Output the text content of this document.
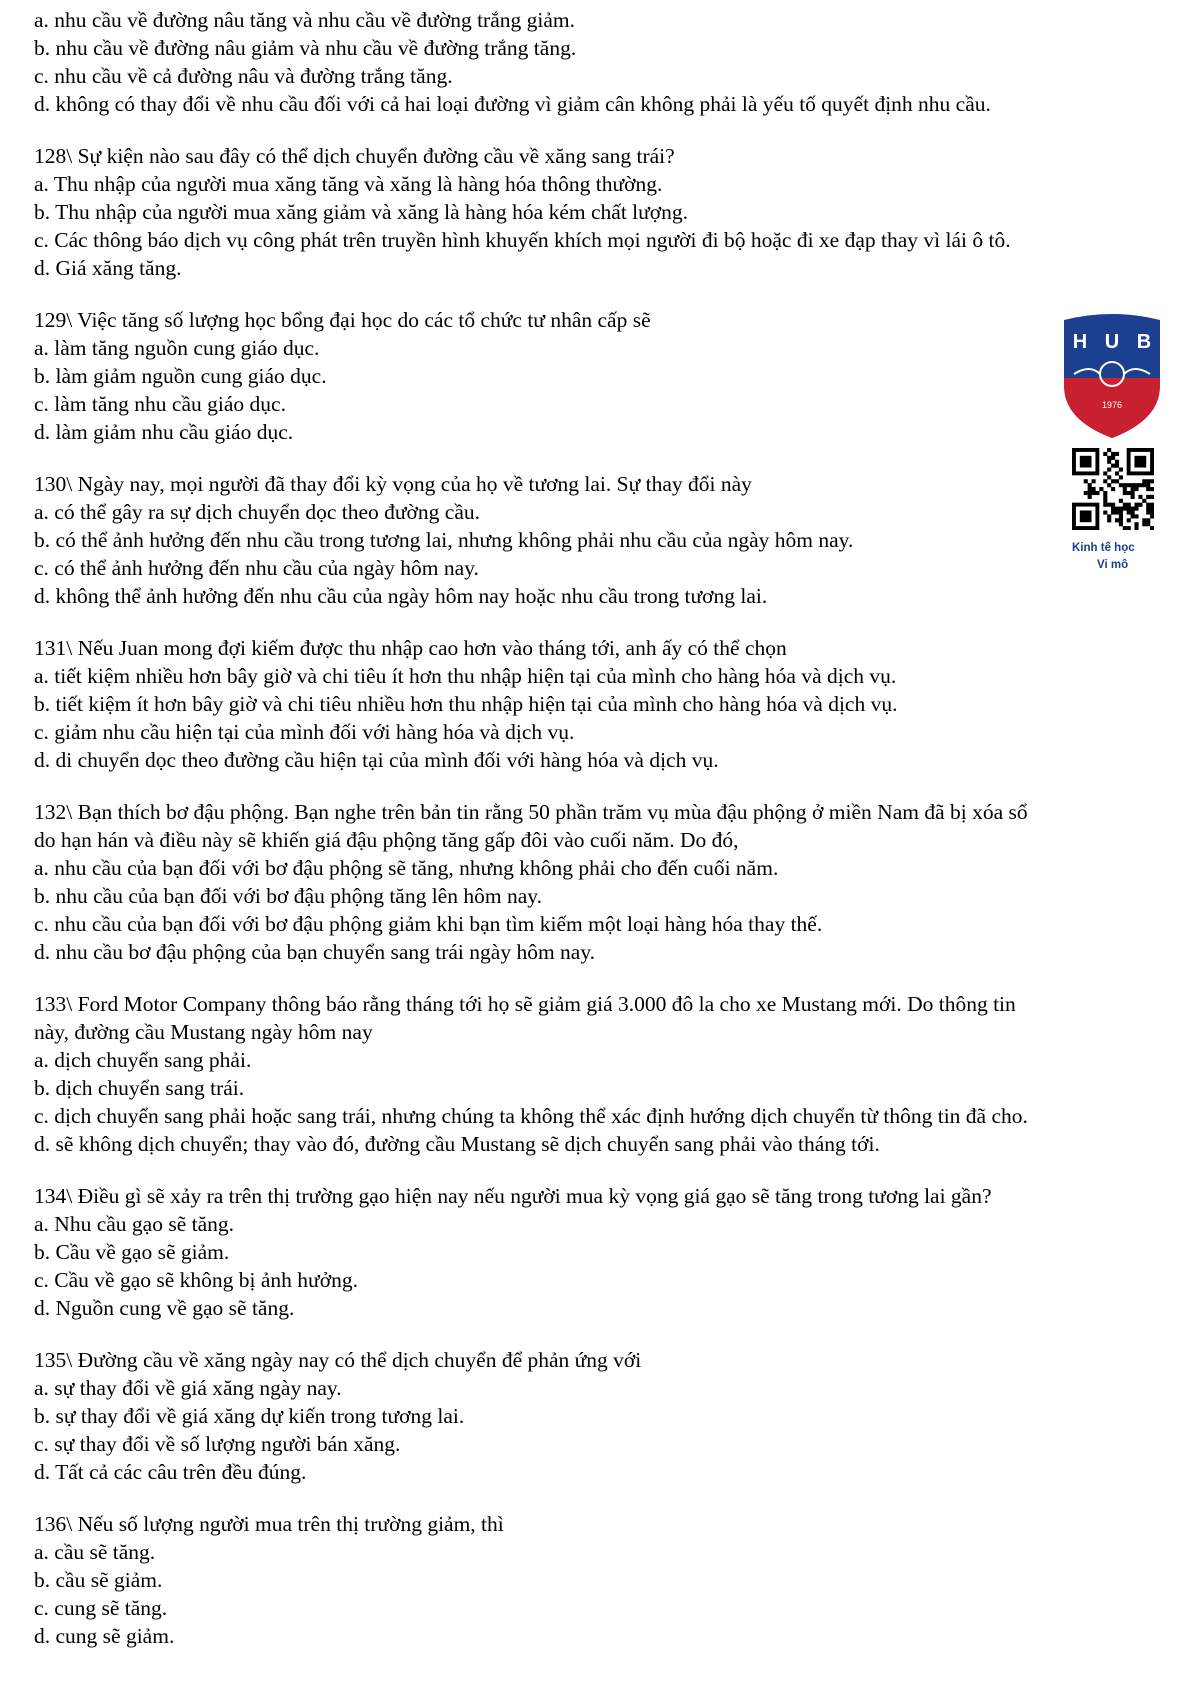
a. nhu cầu về đường nâu tăng và nhu cầu về đường trắng giảm.
b. nhu cầu về đường nâu giảm và nhu cầu về đường trắng tăng.
c. nhu cầu về cả đường nâu và đường trắng tăng.
d. không có thay đổi về nhu cầu đối với cả hai loại đường vì giảm cân không phải là yếu tố quyết định nhu cầu.
128\ Sự kiện nào sau đây có thể dịch chuyển đường cầu về xăng sang trái?
a. Thu nhập của người mua xăng tăng và xăng là hàng hóa thông thường.
b. Thu nhập của người mua xăng giảm và xăng là hàng hóa kém chất lượng.
c. Các thông báo dịch vụ công phát trên truyền hình khuyến khích mọi người đi bộ hoặc đi xe đạp thay vì lái ô tô.
d. Giá xăng tăng.
129\ Việc tăng số lượng học bổng đại học do các tổ chức tư nhân cấp sẽ
a. làm tăng nguồn cung giáo dục.
b. làm giảm nguồn cung giáo dục.
c. làm tăng nhu cầu giáo dục.
d. làm giảm nhu cầu giáo dục.
130\ Ngày nay, mọi người đã thay đổi kỳ vọng của họ về tương lai. Sự thay đổi này
a. có thể gây ra sự dịch chuyển dọc theo đường cầu.
b. có thể ảnh hưởng đến nhu cầu trong tương lai, nhưng không phải nhu cầu của ngày hôm nay.
c. có thể ảnh hưởng đến nhu cầu của ngày hôm nay.
d. không thể ảnh hưởng đến nhu cầu của ngày hôm nay hoặc nhu cầu trong tương lai.
131\ Nếu Juan mong đợi kiếm được thu nhập cao hơn vào tháng tới, anh ấy có thể chọn
a. tiết kiệm nhiều hơn bây giờ và chi tiêu ít hơn thu nhập hiện tại của mình cho hàng hóa và dịch vụ.
b. tiết kiệm ít hơn bây giờ và chi tiêu nhiều hơn thu nhập hiện tại của mình cho hàng hóa và dịch vụ.
c. giảm nhu cầu hiện tại của mình đối với hàng hóa và dịch vụ.
d. di chuyển dọc theo đường cầu hiện tại của mình đối với hàng hóa và dịch vụ.
132\ Bạn thích bơ đậu phộng. Bạn nghe trên bản tin rằng 50 phần trăm vụ mùa đậu phộng ở miền Nam đã bị xóa sổ
do hạn hán và điều này sẽ khiến giá đậu phộng tăng gấp đôi vào cuối năm. Do đó,
a. nhu cầu của bạn đối với bơ đậu phộng sẽ tăng, nhưng không phải cho đến cuối năm.
b. nhu cầu của bạn đối với bơ đậu phộng tăng lên hôm nay.
c. nhu cầu của bạn đối với bơ đậu phộng giảm khi bạn tìm kiếm một loại hàng hóa thay thế.
d. nhu cầu bơ đậu phộng của bạn chuyển sang trái ngày hôm nay.
133\ Ford Motor Company thông báo rằng tháng tới họ sẽ giảm giá 3.000 đô la cho xe Mustang mới. Do thông tin
này, đường cầu Mustang ngày hôm nay
a. dịch chuyển sang phải.
b. dịch chuyển sang trái.
c. dịch chuyển sang phải hoặc sang trái, nhưng chúng ta không thể xác định hướng dịch chuyển từ thông tin đã cho.
d. sẽ không dịch chuyển; thay vào đó, đường cầu Mustang sẽ dịch chuyển sang phải vào tháng tới.
134\ Điều gì sẽ xảy ra trên thị trường gạo hiện nay nếu người mua kỳ vọng giá gạo sẽ tăng trong tương lai gần?
a. Nhu cầu gạo sẽ tăng.
b. Cầu về gạo sẽ giảm.
c. Cầu về gạo sẽ không bị ảnh hưởng.
d. Nguồn cung về gạo sẽ tăng.
135\ Đường cầu về xăng ngày nay có thể dịch chuyển để phản ứng với
a. sự thay đổi về giá xăng ngày nay.
b. sự thay đổi về giá xăng dự kiến trong tương lai.
c. sự thay đổi về số lượng người bán xăng.
d. Tất cả các câu trên đều đúng.
136\ Nếu số lượng người mua trên thị trường giảm, thì
a. cầu sẽ tăng.
b. cầu sẽ giảm.
c. cung sẽ tăng.
d. cung sẽ giảm.
H U B
1976
Kinh tế học
Vi mô
